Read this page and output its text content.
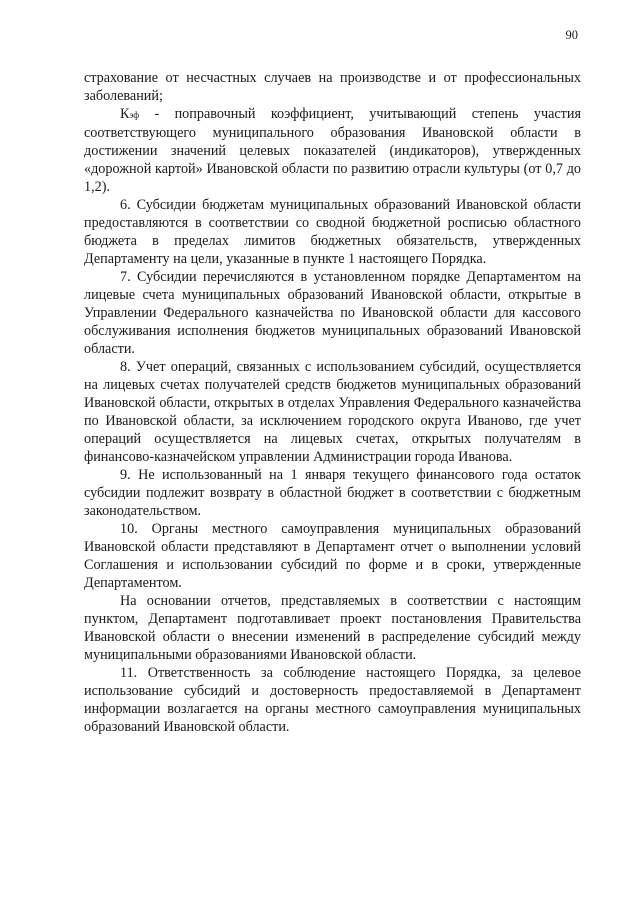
90

страхование от несчастных случаев на производстве и от профессиональных заболеваний;

Кэф - поправочный коэффициент, учитывающий степень участия соответствующего муниципального образования Ивановской области в достижении значений целевых показателей (индикаторов), утвержденных «дорожной картой» Ивановской области по развитию отрасли культуры (от 0,7 до 1,2).

6. Субсидии бюджетам муниципальных образований Ивановской области предоставляются в соответствии со сводной бюджетной росписью областного бюджета в пределах лимитов бюджетных обязательств, утвержденных Департаменту на цели, указанные в пункте 1 настоящего Порядка.

7. Субсидии перечисляются в установленном порядке Департаментом на лицевые счета муниципальных образований Ивановской области, открытые в Управлении Федерального казначейства по Ивановской области для кассового обслуживания исполнения бюджетов муниципальных образований Ивановской области.

8. Учет операций, связанных с использованием субсидий, осуществляется на лицевых счетах получателей средств бюджетов муниципальных образований Ивановской области, открытых в отделах Управления Федерального казначейства по Ивановской области, за исключением городского округа Иваново, где учет операций осуществляется на лицевых счетах, открытых получателям в финансово-казначейском управлении Администрации города Иванова.

9. Не использованный на 1 января текущего финансового года остаток субсидии подлежит возврату в областной бюджет в соответствии с бюджетным законодательством.

10. Органы местного самоуправления муниципальных образований Ивановской области представляют в Департамент отчет о выполнении условий Соглашения и использовании субсидий по форме и в сроки, утвержденные Департаментом.

На основании отчетов, представляемых в соответствии с настоящим пунктом, Департамент подготавливает проект постановления Правительства Ивановской области о внесении изменений в распределение субсидий между муниципальными образованиями Ивановской области.

11. Ответственность за соблюдение настоящего Порядка, за целевое использование субсидий и достоверность предоставляемой в Департамент информации возлагается на органы местного самоуправления муниципальных образований Ивановской области.
